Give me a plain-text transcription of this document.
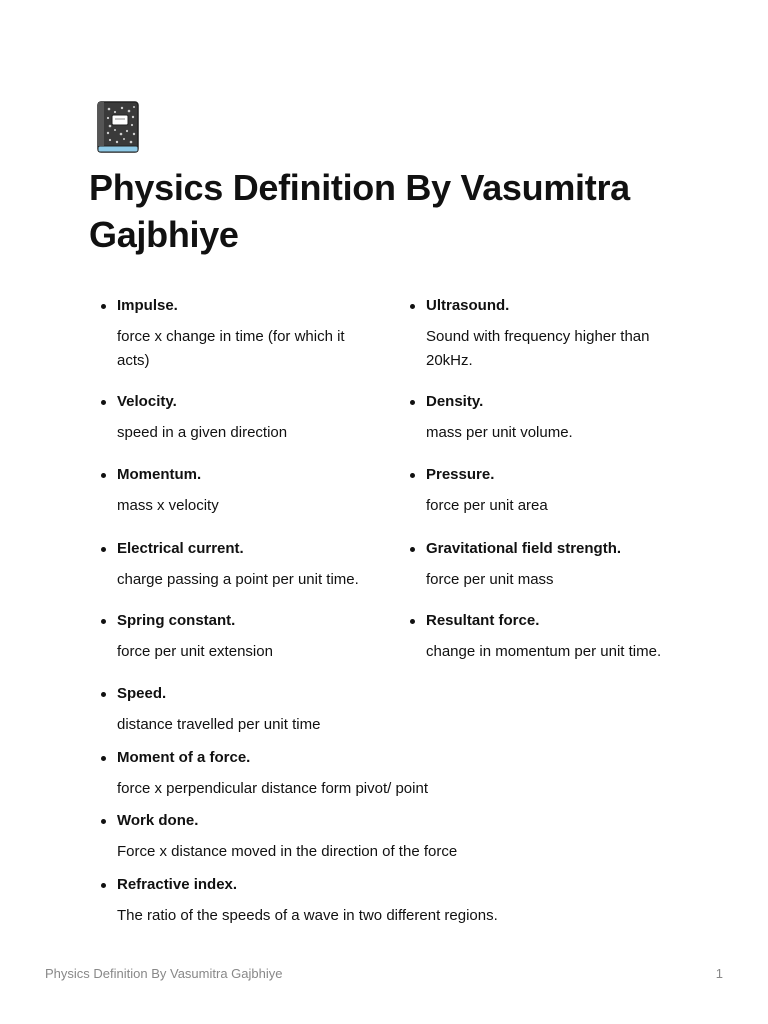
Physics Definition By Vasumitra Gajbhiye
Impulse.
force x change in time (for which it acts)
Velocity.
speed in a given direction
Momentum.
mass x velocity
Electrical current.
charge passing a point per unit time.
Spring constant.
force per unit extension
Ultrasound.
Sound with frequency higher than 20kHz.
Density.
mass per unit volume.
Pressure.
force per unit area
Gravitational field strength.
force per unit mass
Resultant force.
change in momentum per unit time.
Speed.
distance travelled per unit time
Moment of a force.
force x perpendicular distance form pivot/ point
Work done.
Force x distance moved in the direction of the force
Refractive index.
The ratio of the speeds of a wave in two different regions.
Physics Definition By Vasumitra Gajbhiye	1
